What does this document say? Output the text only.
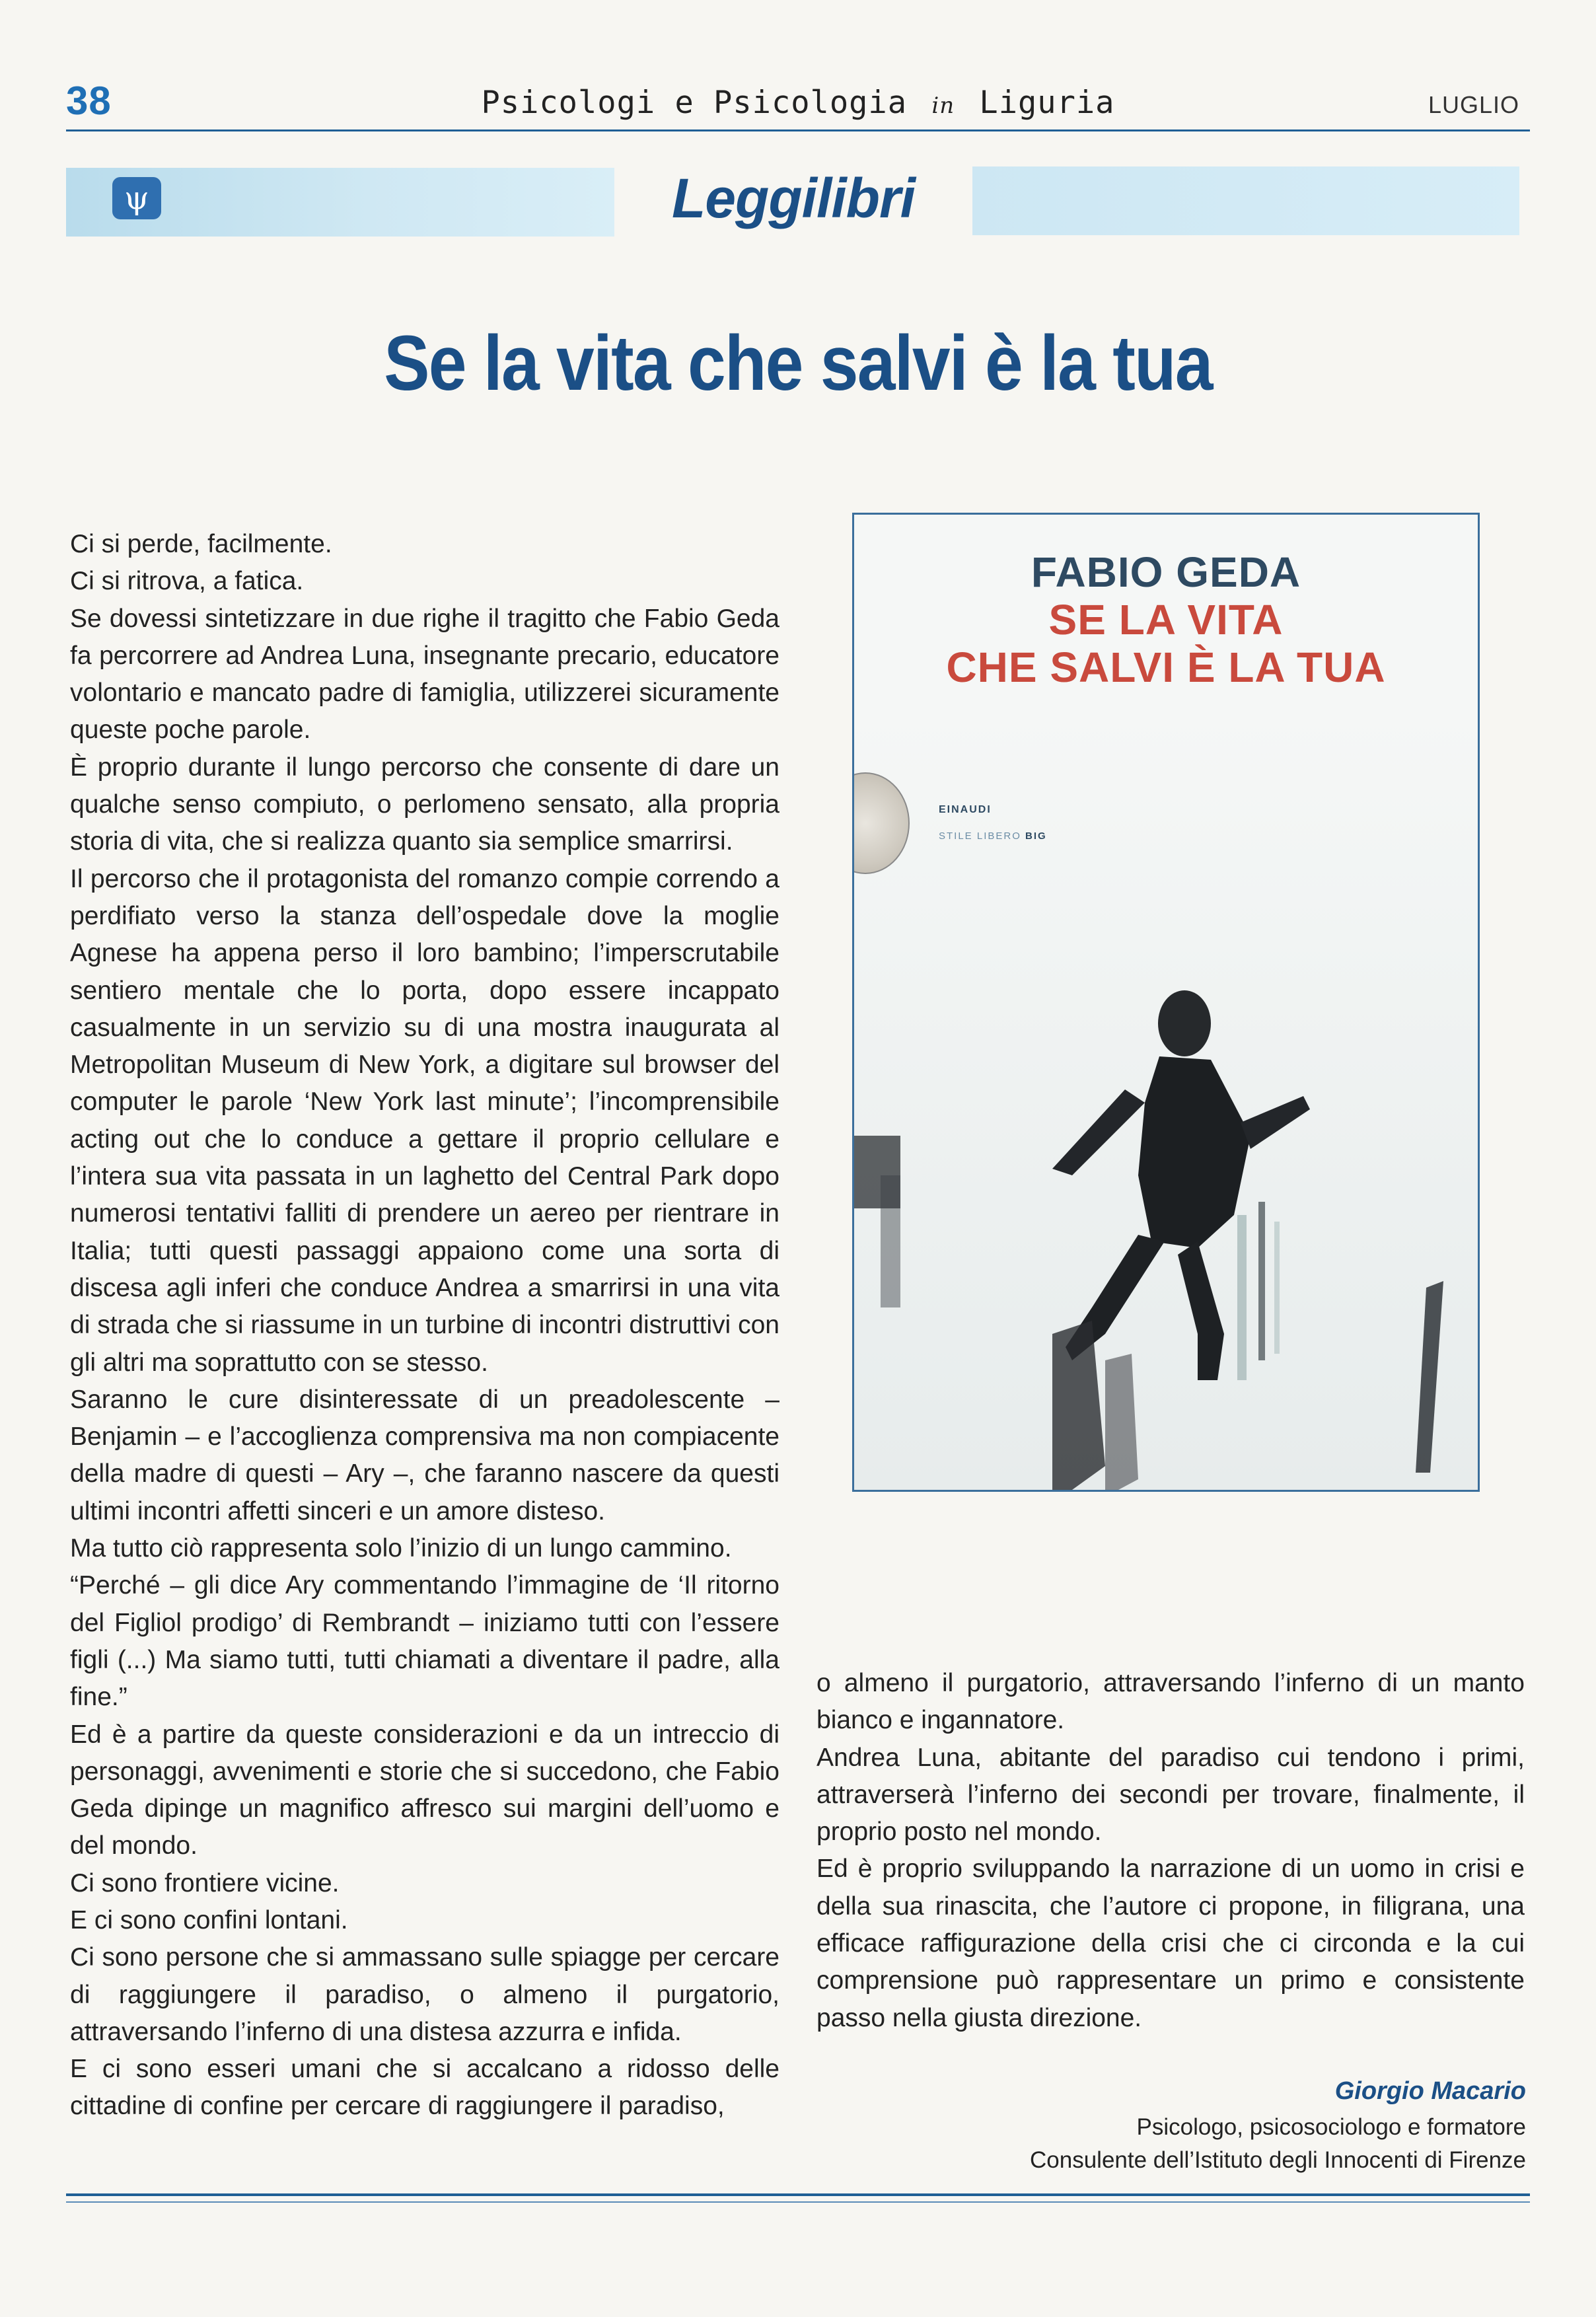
38	Psicologi e Psicologia in Liguria	LUGLIO
ψ	Leggilibri
Se la vita che salvi è la tua

Ci si perde, facilmente.

Ci si ritrova, a fatica.

Se dovessi sintetizzare in due righe il tragitto che Fabio Geda fa percorrere ad Andrea Luna, insegnante precario, educatore volontario e mancato padre di famiglia, utilizzerei sicuramente queste poche parole.

È proprio durante il lungo percorso che consente di dare un qualche senso compiuto, o perlomeno sensato, alla propria storia di vita, che si realizza quanto sia semplice smarrirsi.

Il percorso che il protagonista del romanzo compie correndo a perdifiato verso la stanza dell’ospedale dove la moglie Agnese ha appena perso il loro bambino; l’imperscrutabile sentiero mentale che lo porta, dopo essere incappato casualmente in un servizio su di una mostra inaugurata al Metropolitan Museum di New York, a digitare sul browser del computer le parole ‘New York last minute’; l’incomprensibile acting out che lo conduce a gettare il proprio cellulare e l’intera sua vita passata in un laghetto del Central Park dopo numerosi tentativi falliti di prendere un aereo per rientrare in Italia; tutti questi passaggi appaiono come una sorta di discesa agli inferi che conduce Andrea a smarrirsi in una vita di strada che si riassume in un turbine di incontri distruttivi con gli altri ma soprattutto con se stesso.

Saranno le cure disinteressate di un preadolescente – Benjamin – e l’accoglienza comprensiva ma non compiacente della madre di questi – Ary –, che faranno nascere da questi ultimi incontri affetti sinceri e un amore disteso.

Ma tutto ciò rappresenta solo l’inizio di un lungo cammino.

“Perché – gli dice Ary commentando l’immagine de ‘Il ritorno del Figliol prodigo’ di Rembrandt – iniziamo tutti con l’essere figli (...) Ma siamo tutti, tutti chiamati a diventare il padre, alla fine.”

Ed è a partire da queste considerazioni e da un intreccio di personaggi, avvenimenti e storie che si succedono, che Fabio Geda dipinge un magnifico affresco sui margini dell’uomo e del mondo.

Ci sono frontiere vicine.

E ci sono confini lontani.

Ci sono persone che si ammassano sulle spiagge per cercare di raggiungere il paradiso, o almeno il purgatorio, attraversando l’inferno di una distesa azzurra e infida.

E ci sono esseri umani che si accalcano a ridosso delle cittadine di confine per cercare di raggiungere il paradiso,

FABIO GEDA
SE LA VITA
CHE SALVI È LA TUA
EINAUDI
STILE LIBERO BIG

o almeno il purgatorio, attraversando l’inferno di un manto bianco e ingannatore.

Andrea Luna, abitante del paradiso cui tendono i primi, attraverserà l’inferno dei secondi per trovare, finalmente, il proprio posto nel mondo.

Ed è proprio sviluppando la narrazione di un uomo in crisi e della sua rinascita, che l’autore ci propone, in filigrana, una efficace raffigurazione della crisi che ci circonda e la cui comprensione può rappresentare un primo e consistente passo nella giusta direzione.

Giorgio Macario
Psicologo, psicosociologo e formatore
Consulente dell’Istituto degli Innocenti di Firenze
